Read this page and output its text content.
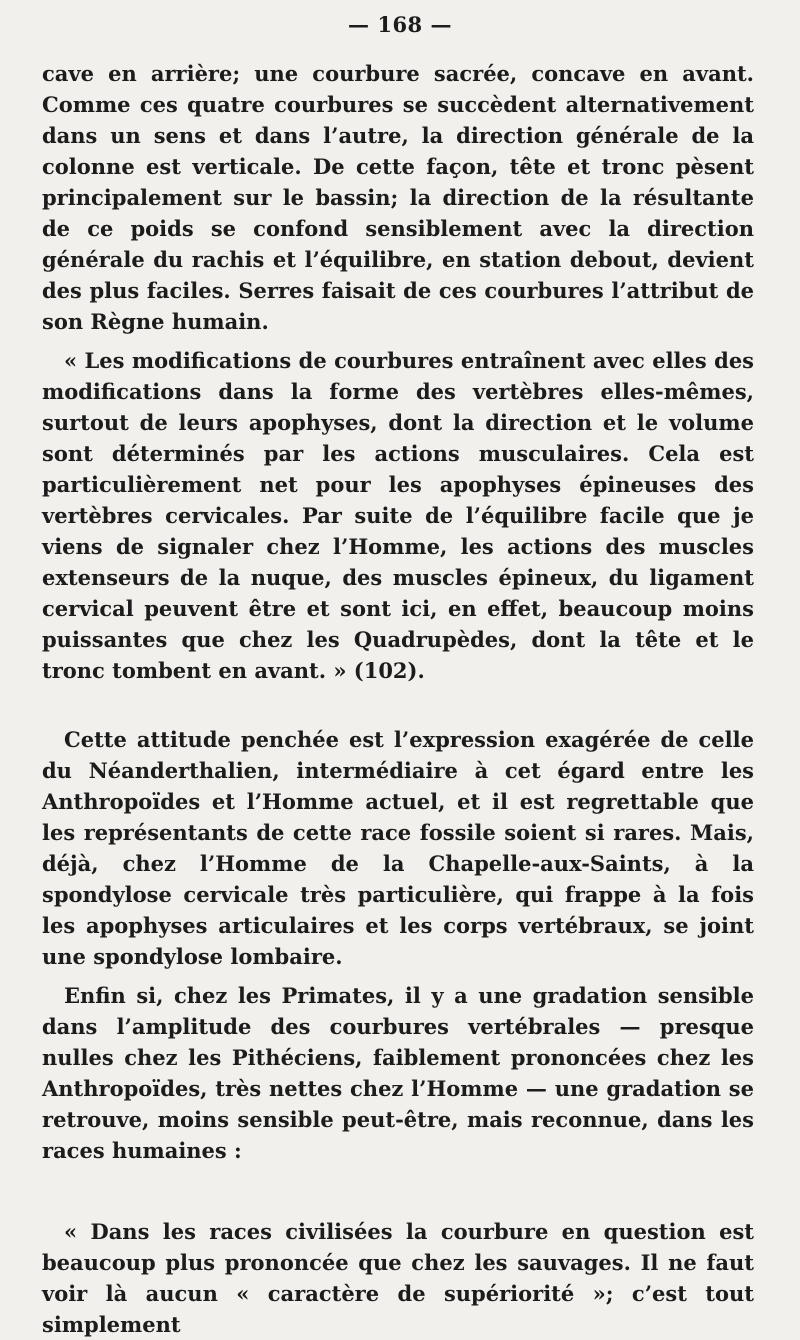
— 168 —

cave en arrière; une courbure sacrée, concave en avant. Comme ces quatre courbures se succèdent alternativement dans un sens et dans l’autre, la direction générale de la colonne est verticale. De cette façon, tête et tronc pèsent principalement sur le bassin; la direction de la résultante de ce poids se confond sensiblement avec la direction générale du rachis et l’équilibre, en station debout, devient des plus faciles. Serres faisait de ces courbures l’attribut de son Règne humain.

« Les modifications de courbures entraînent avec elles des modifications dans la forme des vertèbres elles-mêmes, surtout de leurs apophyses, dont la direction et le volume sont déterminés par les actions musculaires. Cela est particulièrement net pour les apophyses épineuses des vertèbres cervicales. Par suite de l’équilibre facile que je viens de signaler chez l’Homme, les actions des muscles extenseurs de la nuque, des muscles épineux, du ligament cervical peuvent être et sont ici, en effet, beaucoup moins puissantes que chez les Quadrupèdes, dont la tête et le tronc tombent en avant. » (102).

Cette attitude penchée est l’expression exagérée de celle du Néanderthalien, intermédiaire à cet égard entre les Anthropoïdes et l’Homme actuel, et il est regrettable que les représentants de cette race fossile soient si rares. Mais, déjà, chez l’Homme de la Chapelle-aux-Saints, à la spondylose cervicale très particulière, qui frappe à la fois les apophyses articulaires et les corps vertébraux, se joint une spondylose lombaire.

Enfin si, chez les Primates, il y a une gradation sensible dans l’amplitude des courbures vertébrales — presque nulles chez les Pithéciens, faiblement prononcées chez les Anthropoïdes, très nettes chez l’Homme — une gradation se retrouve, moins sensible peut-être, mais reconnue, dans les races humaines :

« Dans les races civilisées la courbure en question est beaucoup plus prononcée que chez les sauvages. Il ne faut voir là aucun « caractère de supériorité »; c’est tout simplement
